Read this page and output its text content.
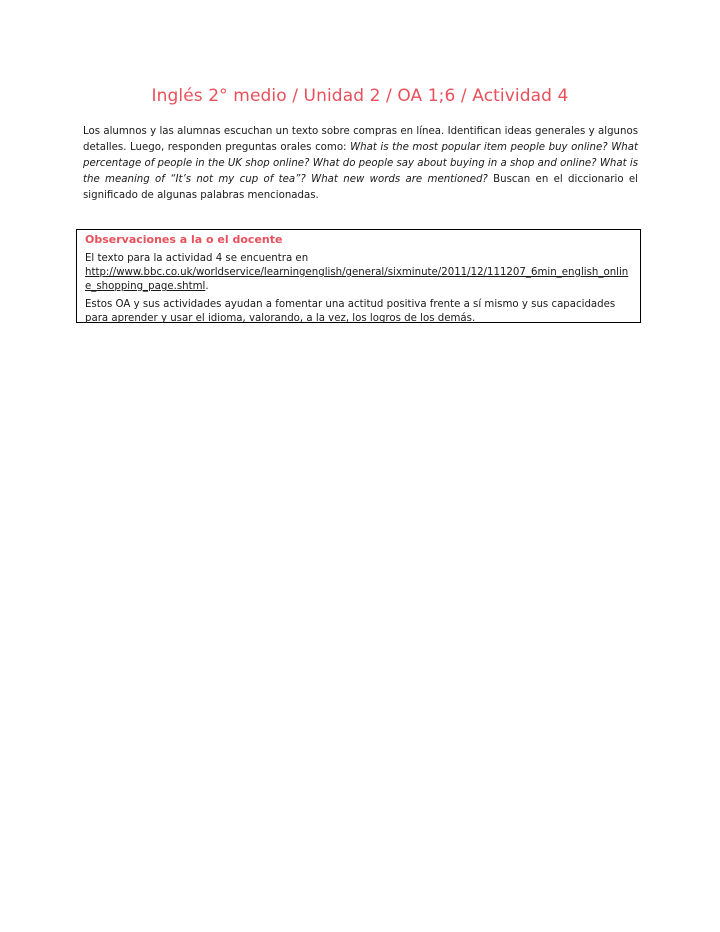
Inglés 2° medio / Unidad 2 / OA 1;6 / Actividad 4
Los alumnos y las alumnas escuchan un texto sobre compras en línea. Identifican ideas generales y algunos detalles. Luego, responden preguntas orales como: What is the most popular item people buy online? What percentage of people in the UK shop online? What do people say about buying in a shop and online? What is the meaning of “It’s not my cup of tea”? What new words are mentioned? Buscan en el diccionario el significado de algunas palabras mencionadas.
Observaciones a la o el docente

El texto para la actividad 4 se encuentra en
http://www.bbc.co.uk/worldservice/learningenglish/general/sixminute/2011/12/111207_6min_english_online_shopping_page.shtml.

Estos OA y sus actividades ayudan a fomentar una actitud positiva frente a sí mismo y sus capacidades para aprender y usar el idioma, valorando, a la vez, los logros de los demás.
